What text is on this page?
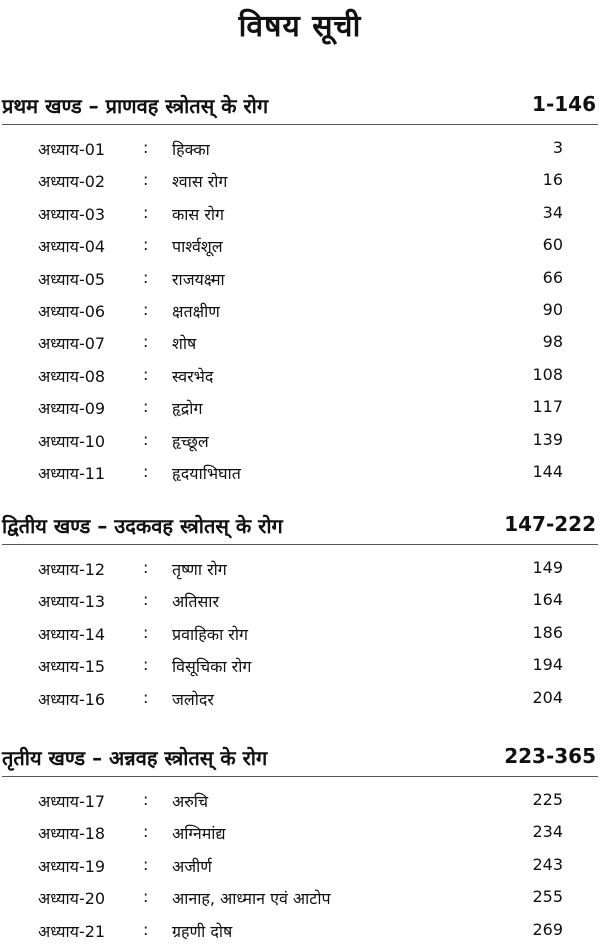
विषय सूची
प्रथम खण्ड – प्राणवह स्त्रोतस् के रोग	1-146
अध्याय-01 : हिक्का	3
अध्याय-02 : श्वास रोग	16
अध्याय-03 : कास रोग	34
अध्याय-04 : पार्श्वशूल	60
अध्याय-05 : राजयक्ष्मा	66
अध्याय-06 : क्षतक्षीण	90
अध्याय-07 : शोष	98
अध्याय-08 : स्वरभेद	108
अध्याय-09 : हृद्रोग	117
अध्याय-10 : हृच्छूल	139
अध्याय-11 : हृदयाभिघात	144
द्वितीय खण्ड – उदकवह स्त्रोतस् के रोग	147-222
अध्याय-12 : तृष्णा रोग	149
अध्याय-13 : अतिसार	164
अध्याय-14 : प्रवाहिका रोग	186
अध्याय-15 : विसूचिका रोग	194
अध्याय-16 : जलोदर	204
तृतीय खण्ड – अन्नवह स्त्रोतस् के रोग	223-365
अध्याय-17 : अरुचि	225
अध्याय-18 : अग्निमांद्य	234
अध्याय-19 : अजीर्ण	243
अध्याय-20 : आनाह, आध्मान एवं आटोप	255
अध्याय-21 : ग्रहणी दोष	269
